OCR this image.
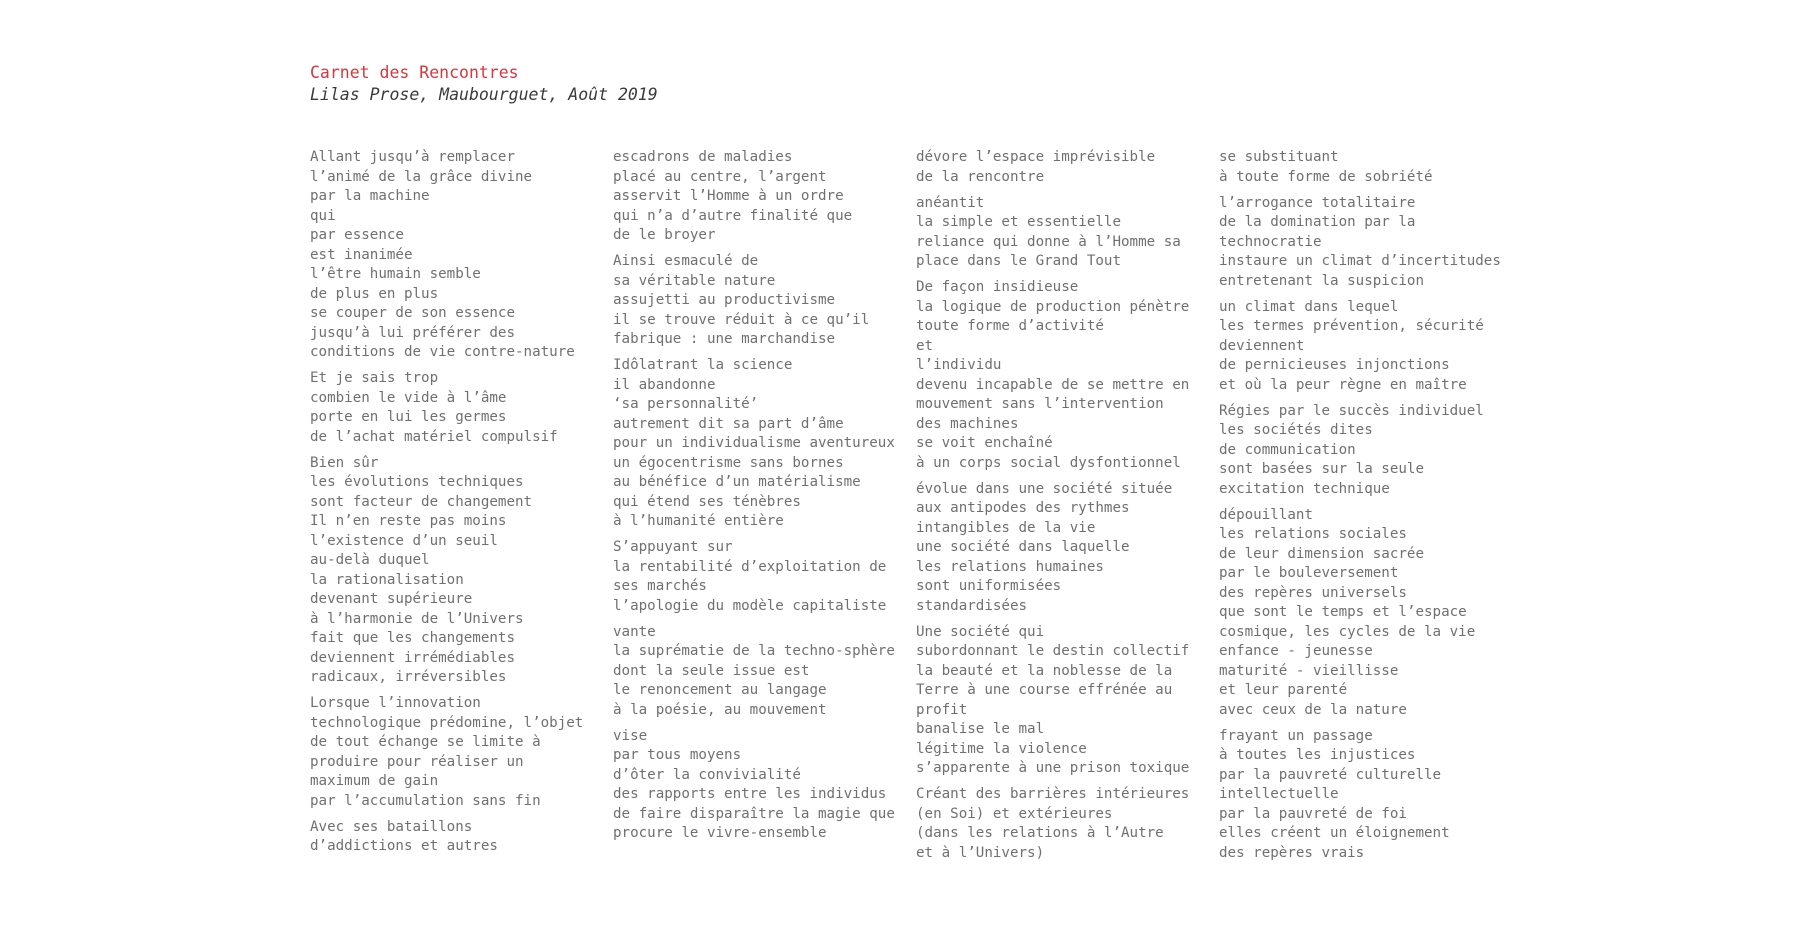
Carnet des Rencontres

Lilas Prose, Maubourguet, Août 2019

Allant jusqu’à remplacer
l’animé de la grâce divine
par la machine
qui
par essence
est inanimée
l’être humain semble
de plus en plus
se couper de son essence
jusqu’à lui préférer des
conditions de vie contre-nature
Et je sais trop
combien le vide à l’âme
porte en lui les germes
de l’achat matériel compulsif
Bien sûr
les évolutions techniques
sont facteur de changement
Il n’en reste pas moins
l’existence d’un seuil
au-delà duquel
la rationalisation
devenant supérieure
à l’harmonie de l’Univers
fait que les changements
deviennent irrémédiables
radicaux, irréversibles
Lorsque l’innovation
technologique prédomine, l’objet
de tout échange se limite à
produire pour réaliser un
maximum de gain
par l’accumulation sans fin
Avec ses bataillons
d’addictions et autres
escadrons de maladies
placé au centre, l’argent
asservit l’Homme à un ordre
qui n’a d’autre finalité que
de le broyer
Ainsi esmaculé de
sa véritable nature
assujetti au productivisme
il se trouve réduit à ce qu’il
fabrique : une marchandise
Idôlatrant la science
il abandonne
‘sa personnalité’
autrement dit sa part d’âme
pour un individualisme aventureux
un égocentrisme sans bornes
au bénéfice d’un matérialisme
qui étend ses ténèbres
à l’humanité entière
S’appuyant sur
la rentabilité d’exploitation de
ses marchés
l’apologie du modèle capitaliste
vante
la suprématie de la techno-sphère
dont la seule issue est
le renoncement au langage
à la poésie, au mouvement
vise
par tous moyens
d’ôter la convivialité
des rapports entre les individus
de faire disparaître la magie que
procure le vivre-ensemble
dévore l’espace imprévisible
de la rencontre
anéantit
la simple et essentielle
reliance qui donne à l’Homme sa
place dans le Grand Tout
De façon insidieuse
la logique de production pénètre
toute forme d’activité
et
l’individu
devenu incapable de se mettre en
mouvement sans l’intervention
des machines
se voit enchaîné
à un corps social dysfontionnel
évolue dans une société située
aux antipodes des rythmes
intangibles de la vie
une société dans laquelle
les relations humaines
sont uniformisées
standardisées
Une société qui
subordonnant le destin collectif
la beauté et la noblesse de la
Terre à une course effrénée au
profit
banalise le mal
légitime la violence
s’apparente à une prison toxique
Créant des barrières intérieures
(en Soi) et extérieures
(dans les relations à l’Autre
et à l’Univers)
se substituant
à toute forme de sobriété
l’arrogance totalitaire
de la domination par la
technocratie
instaure un climat d’incertitudes
entretenant la suspicion
un climat dans lequel
les termes prévention, sécurité
deviennent
de pernicieuses injonctions
et où la peur règne en maître
Régies par le succès individuel
les sociétés dites
de communication
sont basées sur la seule
excitation technique
dépouillant
les relations sociales
de leur dimension sacrée
par le bouleversement
des repères universels
que sont le temps et l’espace
cosmique, les cycles de la vie
enfance - jeunesse
maturité - vieillisse
et leur parenté
avec ceux de la nature
frayant un passage
à toutes les injustices
par la pauvreté culturelle
intellectuelle
par la pauvreté de foi
elles créent un éloignement
des repères vrais
